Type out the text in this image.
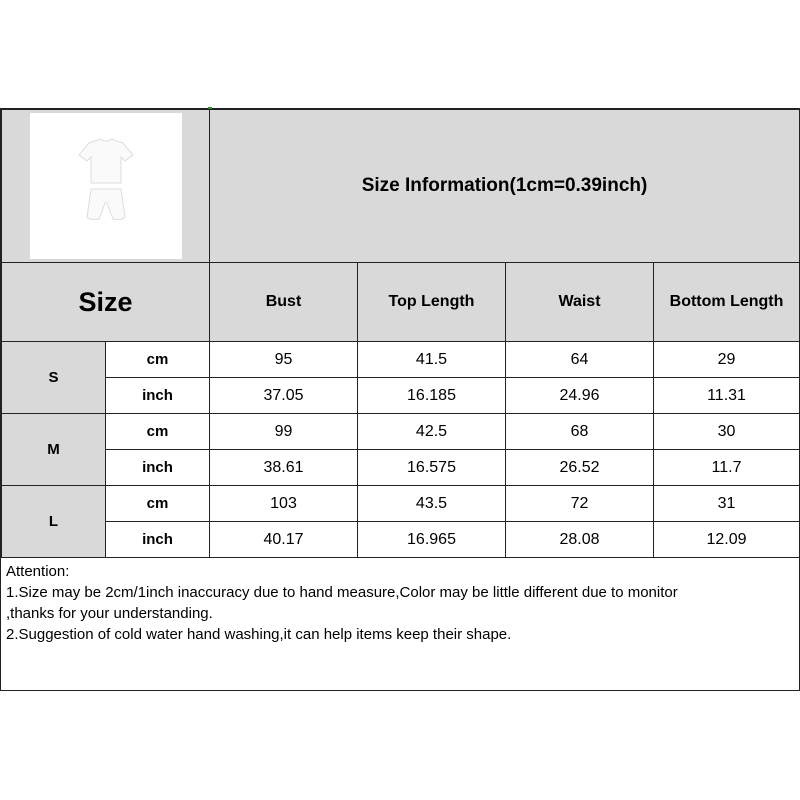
	Size Information(1cm=0.39inch)			
Size		Bust	Top Length	Waist	Bottom Length
S	cm	95	41.5	64	29
	inch	37.05	16.185	24.96	11.31
M	cm	99	42.5	68	30
	inch	38.61	16.575	26.52	11.7
L	cm	103	43.5	72	31
	inch	40.17	16.965	28.08	12.09
Attention:
1.Size may be 2cm/1inch inaccuracy due to hand measure,Color may be little different due to monitor
,thanks for your understanding.
2.Suggestion of cold water hand washing,it can help items keep their shape.
